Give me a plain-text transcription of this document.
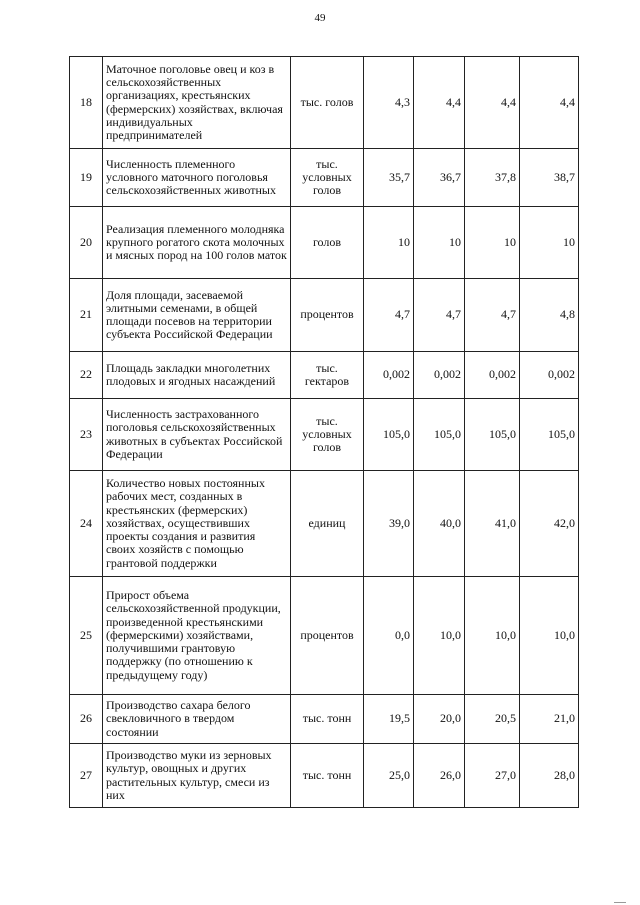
49
18	Маточное поголовье овец и коз в сельскохозяйственных организациях, крестьянских (фермерских) хозяйствах, включая индивидуальных предпринимателей	тыс. голов	4,3	4,4	4,4	4,4
19	Численность племенного условного маточного поголовья сельскохозяйственных животных	тыс. условных голов	35,7	36,7	37,8	38,7
20	Реализация племенного молодняка крупного рогатого скота молочных и мясных пород на 100 голов маток	голов	10	10	10	10
21	Доля площади, засеваемой элитными семенами, в общей площади посевов на территории субъекта Российской Федерации	процентов	4,7	4,7	4,7	4,8
22	Площадь закладки многолетних плодовых и ягодных насаждений	тыс. гектаров	0,002	0,002	0,002	0,002
23	Численность застрахованного поголовья сельскохозяйственных животных в субъектах Российской Федерации	тыс. условных голов	105,0	105,0	105,0	105,0
24	Количество новых постоянных рабочих мест, созданных в крестьянских (фермерских) хозяйствах, осуществивших проекты создания и развития своих хозяйств с помощью грантовой поддержки	единиц	39,0	40,0	41,0	42,0
25	Прирост объема сельскохозяйственной продукции, произведенной крестьянскими (фермерскими) хозяйствами, получившими грантовую поддержку (по отношению к предыдущему году)	процентов	0,0	10,0	10,0	10,0
26	Производство сахара белого свекловичного в твердом состоянии	тыс. тонн	19,5	20,0	20,5	21,0
27	Производство муки из зерновых культур, овощных и других растительных культур, смеси из них	тыс. тонн	25,0	26,0	27,0	28,0
